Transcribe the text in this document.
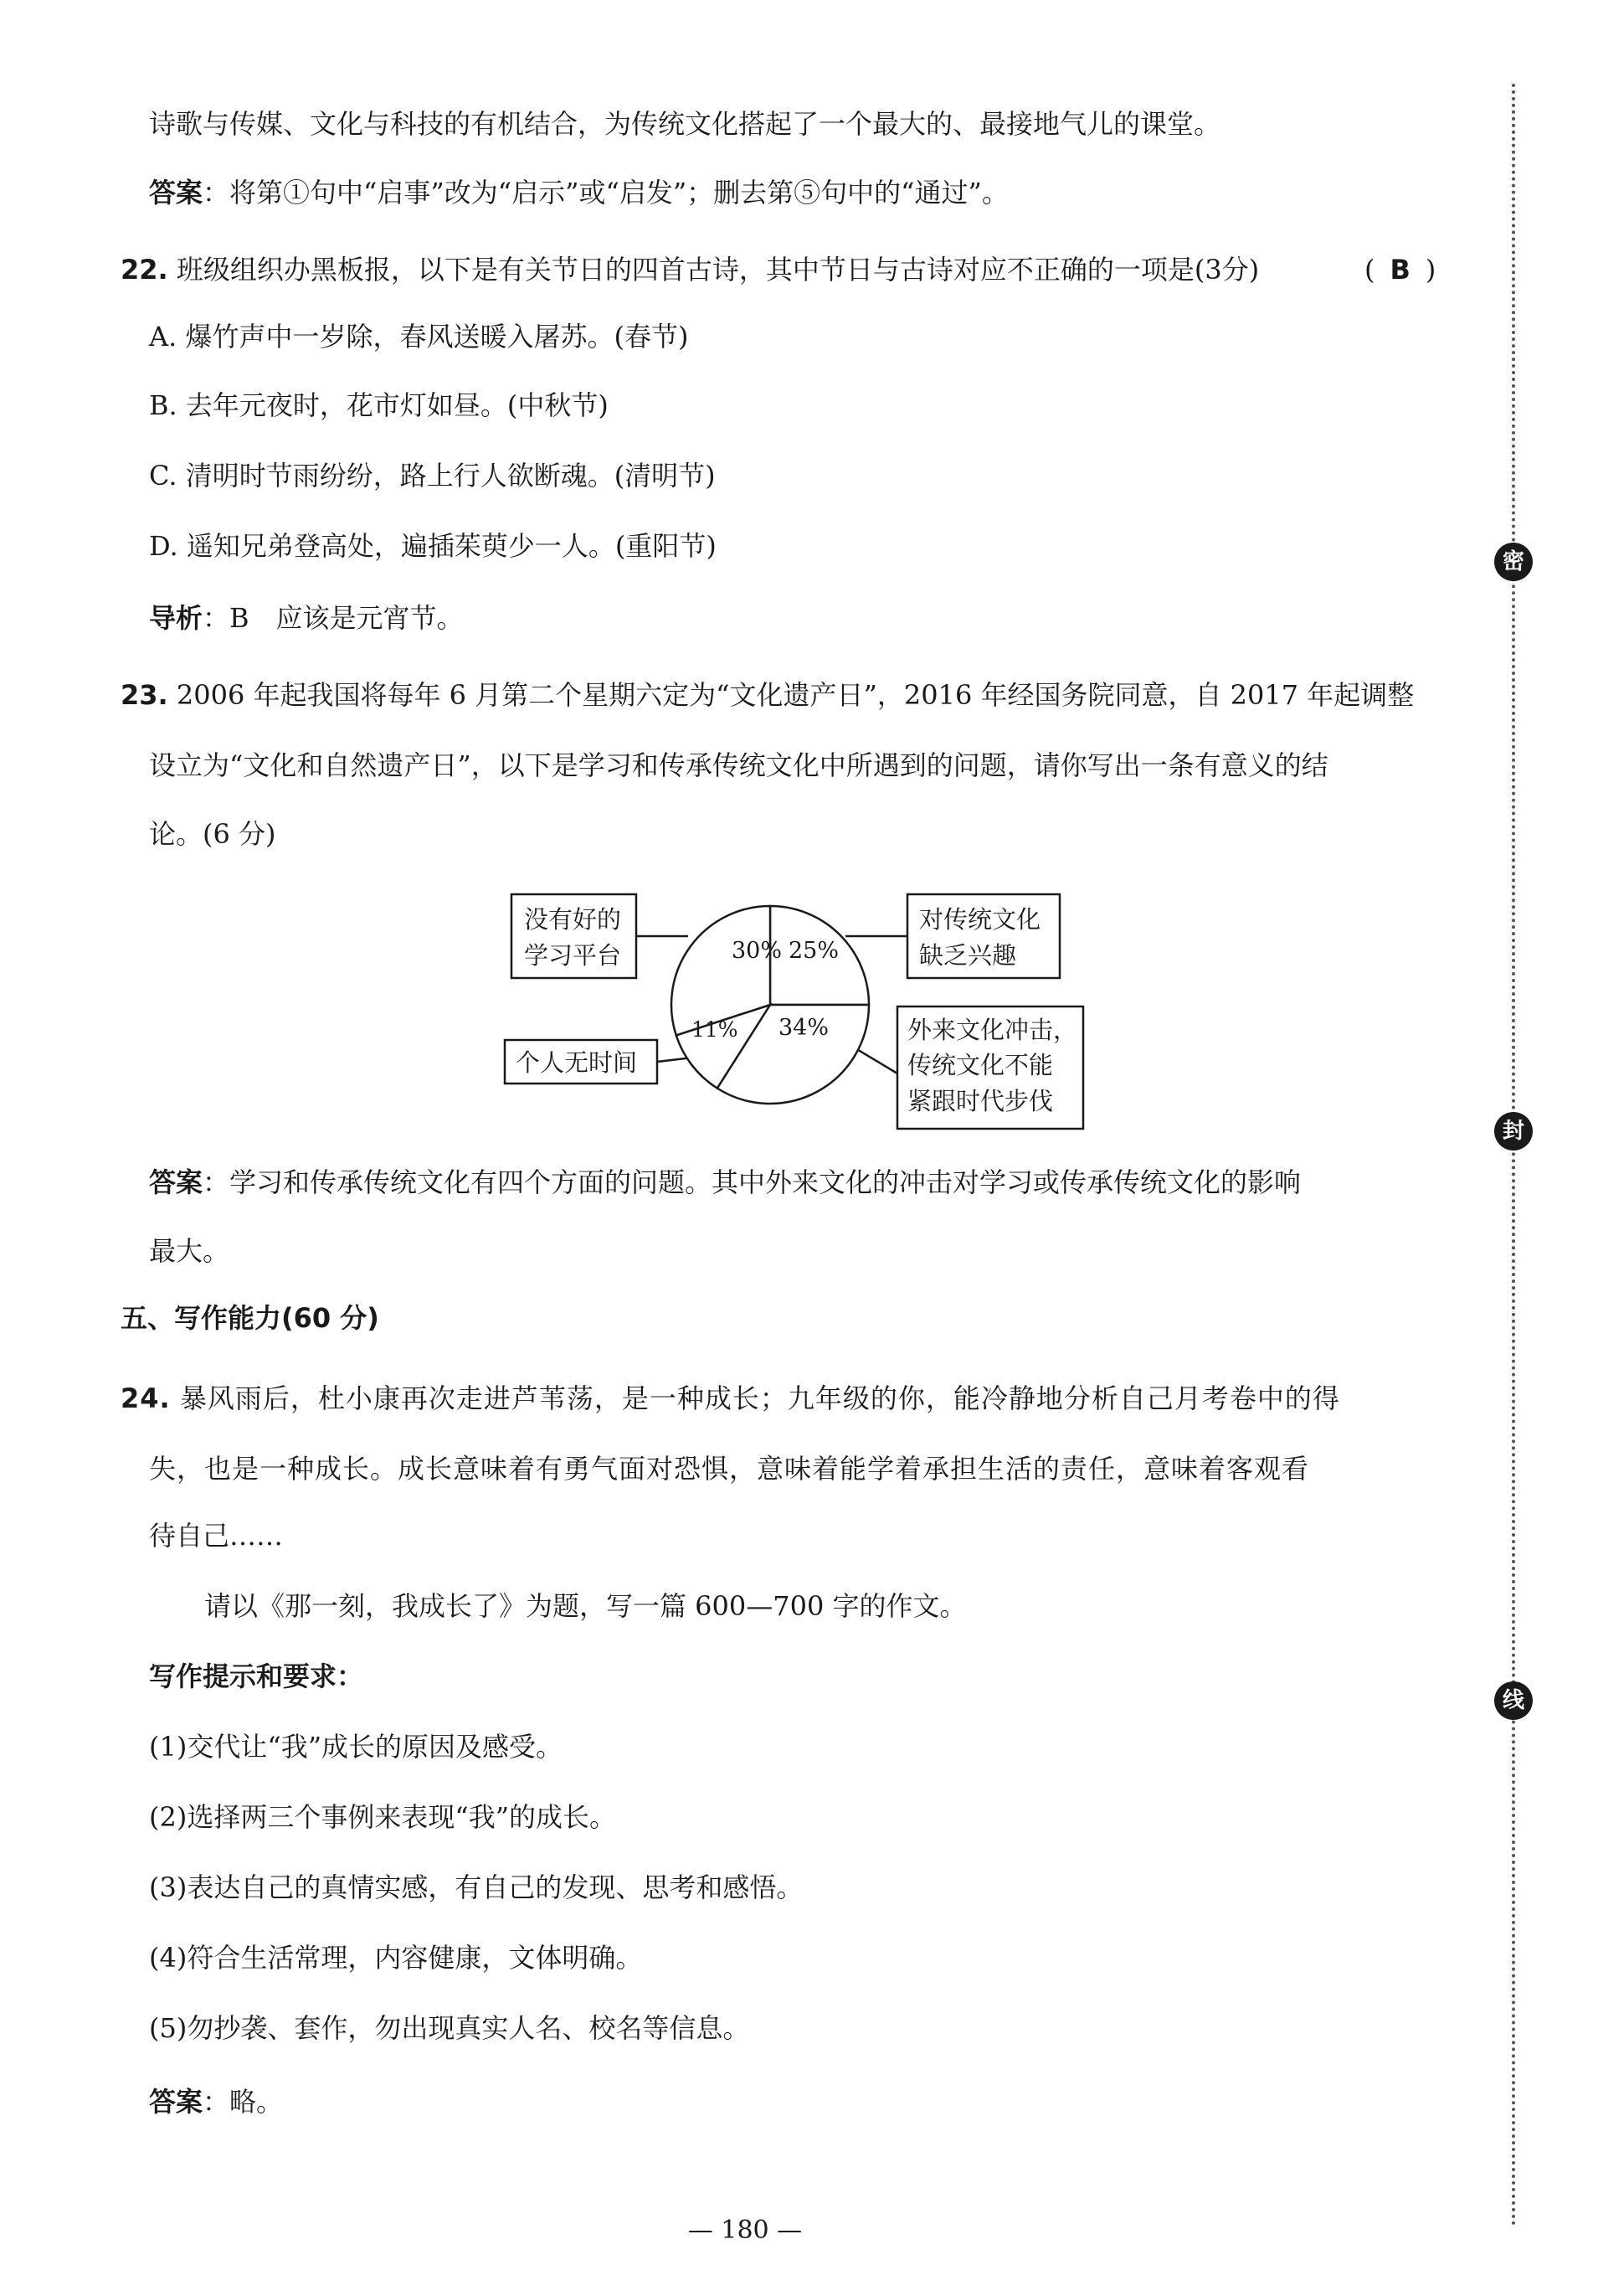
诗歌与传媒、文化与科技的有机结合，为传统文化搭起了一个最大的、最接地气儿的课堂。
答案：将第①句中“启事”改为“启示”或“启发”；删去第⑤句中的“通过”。
22. 班级组织办黑板报，以下是有关节日的四首古诗，其中节日与古诗对应不正确的一项是(3分)	( B )
A. 爆竹声中一岁除，春风送暖入屠苏。(春节)
B. 去年元夜时，花市灯如昼。(中秋节)
C. 清明时节雨纷纷，路上行人欲断魂。(清明节)
D. 遥知兄弟登高处，遍插茱萸少一人。(重阳节)
导析：B　应该是元宵节。
23. 2006 年起我国将每年 6 月第二个星期六定为“文化遗产日”，2016 年经国务院同意，自 2017 年起调整
设立为“文化和自然遗产日”，以下是学习和传承传统文化中所遇到的问题，请你写出一条有意义的结
论。(6 分)
30% 25%
34%
11%
没有好的
学习平台
对传统文化
缺乏兴趣
外来文化冲击，
传统文化不能
紧跟时代步伐
个人无时间
答案：学习和传承传统文化有四个方面的问题。其中外来文化的冲击对学习或传承传统文化的影响
最大。
五、写作能力(60 分)
24. 暴风雨后，杜小康再次走进芦苇荡，是一种成长；九年级的你，能冷静地分析自己月考卷中的得
失，也是一种成长。成长意味着有勇气面对恐惧，意味着能学着承担生活的责任，意味着客观看
待自己……
请以《那一刻，我成长了》为题，写一篇 600—700 字的作文。
写作提示和要求：
(1)交代让“我”成长的原因及感受。
(2)选择两三个事例来表现“我”的成长。
(3)表达自己的真情实感，有自己的发现、思考和感悟。
(4)符合生活常理，内容健康，文体明确。
(5)勿抄袭、套作，勿出现真实人名、校名等信息。
答案：略。
— 180 —
密
封
线
